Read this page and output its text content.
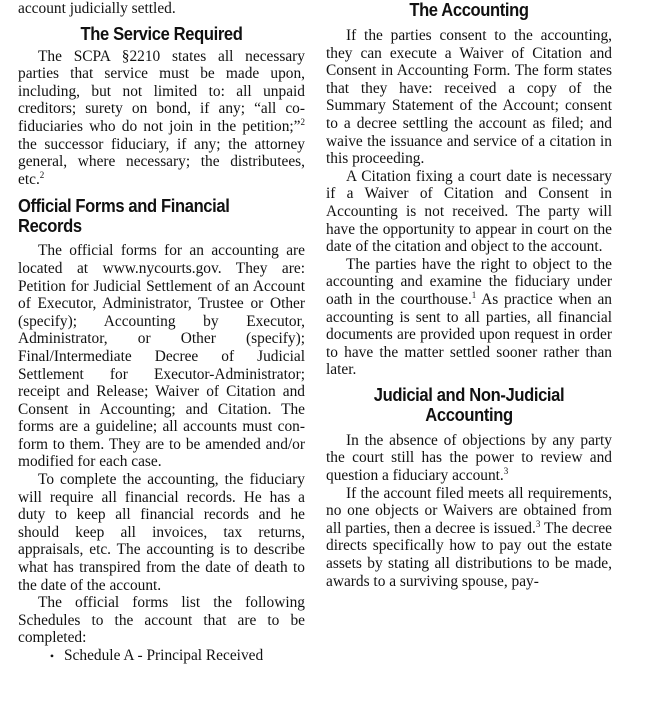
account judicially settled.

The Service Required

The SCPA §2210 states all necessary parties that service must be made upon, including, but not limited to: all unpaid creditors; surety on bond, if any; “all co-fiduciaries who do not join in the petition;”$^2$ the successor fiduciary, if any; the attorney general, where necessary; the distributees, etc.$^2$

Official Forms and Financial Records

The official forms for an accounting are located at www.nycourts.gov. They are: Petition for Judicial Settlement of an Account of Executor, Administrator, Trustee or Other (specify); Accounting by Executor, Administrator, or Other (specify); Final/Intermediate Decree of Judicial Settlement for Executor-Administrator; receipt and Release; Waiver of Citation and Consent in Accounting; and Citation. The forms are a guideline; all accounts must conform to them. They are to be amended and/or modified for each case.

To complete the accounting, the fiduciary will require all financial records. He has a duty to keep all financial records and he should keep all invoices, tax returns, appraisals, etc. The accounting is to describe what has transpired from the date of death to the date of the account.

The official forms list the following Schedules to the account that are to be completed:

• Schedule A - Principal Received
The Accounting

If the parties consent to the accounting, they can execute a Waiver of Citation and Consent in Accounting Form. The form states that they have: received a copy of the Summary Statement of the Account; consent to a decree settling the account as filed; and waive the issuance and service of a citation in this proceeding.

A Citation fixing a court date is necessary if a Waiver of Citation and Consent in Accounting is not received. The party will have the opportunity to appear in court on the date of the citation and object to the account.

The parties have the right to object to the accounting and examine the fiduciary under oath in the courthouse.$^1$ As practice when an accounting is sent to all parties, all financial documents are provided upon request in order to have the matter settled sooner rather than later.

Judicial and Non-Judicial Accounting

In the absence of objections by any party the court still has the power to review and question a fiduciary account.$^3$

If the account filed meets all requirements, no one objects or Waivers are obtained from all parties, then a decree is issued.$^3$ The decree directs specifically how to pay out the estate assets by stating all distributions to be made, awards to a surviving spouse, pay-
